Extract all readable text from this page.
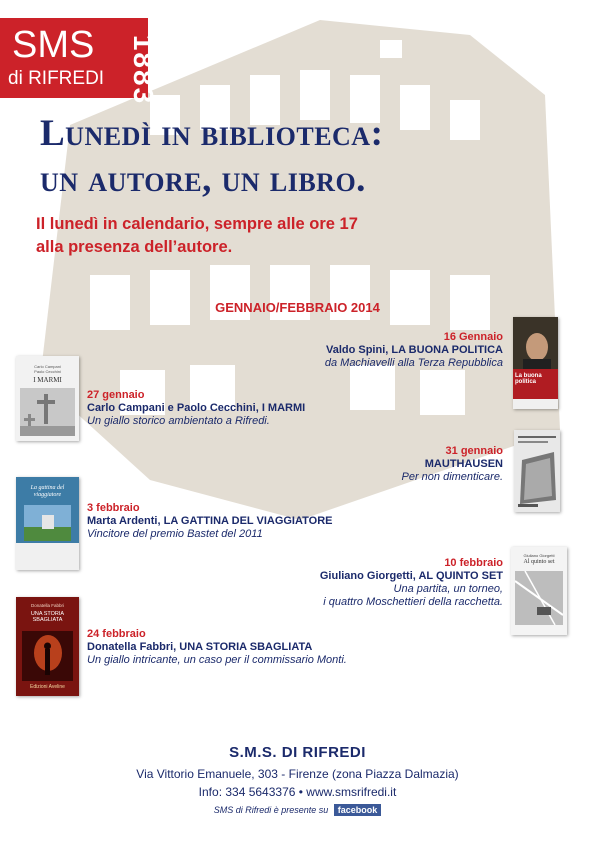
SMS
di RIFREDI 1883
Lunedì in biblioteca:
un autore, un libro.
Il lunedì in calendario, sempre alle ore 17
alla presenza dell’autore.
GENNAIO/FEBBRAIO 2014
La buona politica
Carlo Campani
Paolo Cecchini
I MARMI
La gattina del viaggiatore
Giuliano Giorgetti
Al quinto set
Donatella Fabbri
UNA STORIA SBAGLIATA
Edizioni Aveline
16 Gennaio
Valdo Spini, LA BUONA POLITICA
da Machiavelli alla Terza Repubblica
27 gennaio
Carlo Campani e Paolo Cecchini, I MARMI
Un giallo storico ambientato a Rifredi.
31 gennaio
MAUTHAUSEN
Per non dimenticare.
3 febbraio
Marta Ardenti, LA GATTINA DEL VIAGGIATORE
Vincitore del premio Bastet del 2011
10 febbraio
Giuliano Giorgetti, AL QUINTO SET
Una partita, un torneo,
i quattro Moschettieri della racchetta.
24 febbraio
Donatella Fabbri, UNA STORIA SBAGLIATA
Un giallo intricante, un caso per il commissario Monti.
S.M.S. DI RIFREDI
Via Vittorio Emanuele, 303 - Firenze (zona Piazza Dalmazia)
Info: 334 5643376 • www.smsrifredi.it
SMS di Rifredi è presente su facebook
